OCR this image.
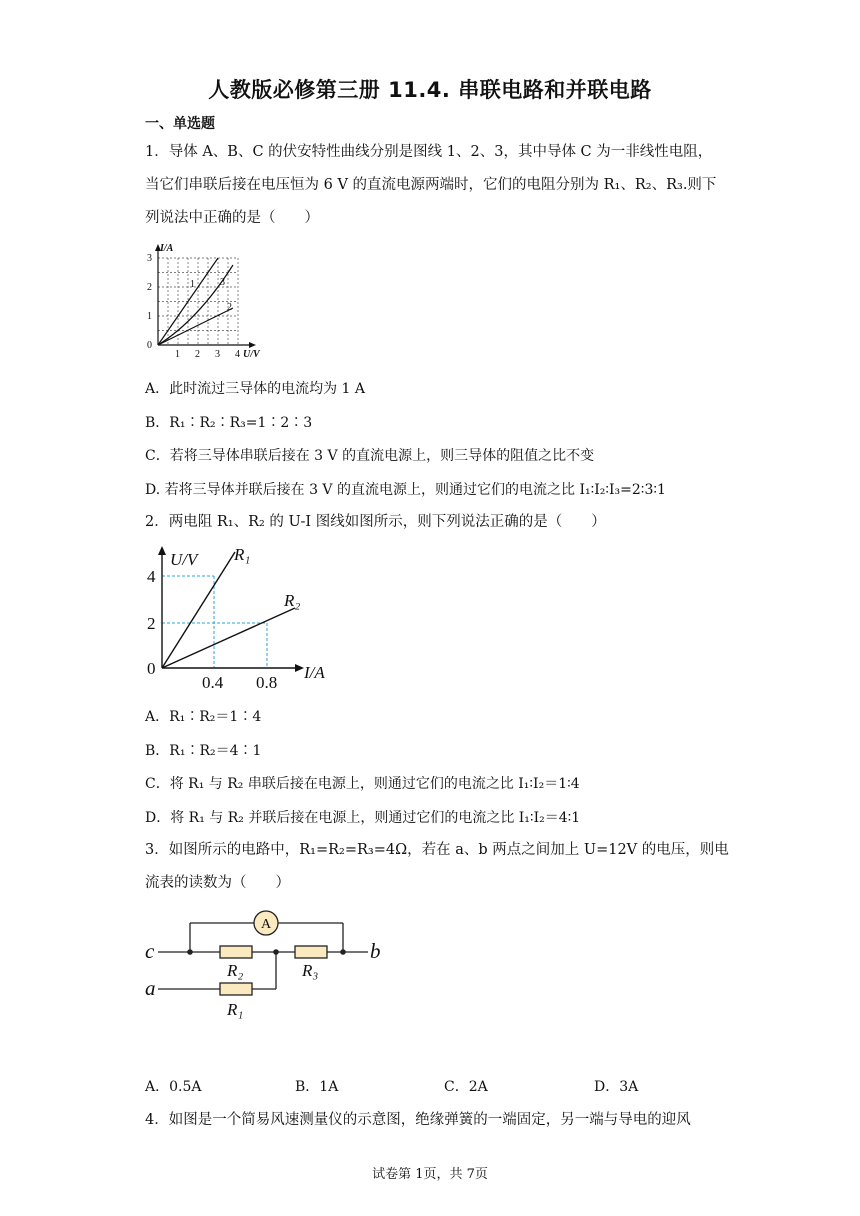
人教版必修第三册 11.4. 串联电路和并联电路
一、单选题
1．导体 A、B、C 的伏安特性曲线分别是图线 1、2、3，其中导体 C 为一非线性电阻，
当它们串联后接在电压恒为 6 V 的直流电源两端时，它们的电阻分别为 R₁、R₂、R₃.则下
列说法中正确的是（　　）
I/A
3
2
1
0
1 2 3 4 U/V
1	3
2
A．此时流过三导体的电流均为 1 A
B．R₁∶R₂∶R₃=1∶2∶3
C．若将三导体串联后接在 3 V 的直流电源上，则三导体的阻值之比不变
D. 若将三导体并联后接在 3 V 的直流电源上，则通过它们的电流之比 I₁∶I₂∶I₃=2∶3∶1
2．两电阻 R₁、R₂ 的 U-I 图线如图所示，则下列说法正确的是（　　）
U/V
4
2
0
0.4 0.8
I/A
R₁
R₂
A．R₁∶R₂＝1∶4
B．R₁∶R₂＝4∶1
C．将 R₁ 与 R₂ 串联后接在电源上，则通过它们的电流之比 I₁∶I₂＝1∶4
D．将 R₁ 与 R₂ 并联后接在电源上，则通过它们的电流之比 I₁∶I₂＝4∶1
3．如图所示的电路中，R₁=R₂=R₃=4Ω，若在 a、b 两点之间加上 U=12V 的电压，则电
流表的读数为（　　）
A
c	b
a
R₂	R₃
R₁
A．0.5A	B．1A	C．2A	D．3A
4．如图是一个简易风速测量仪的示意图，绝缘弹簧的一端固定，另一端与导电的迎风
试卷第 1页，共 7页
